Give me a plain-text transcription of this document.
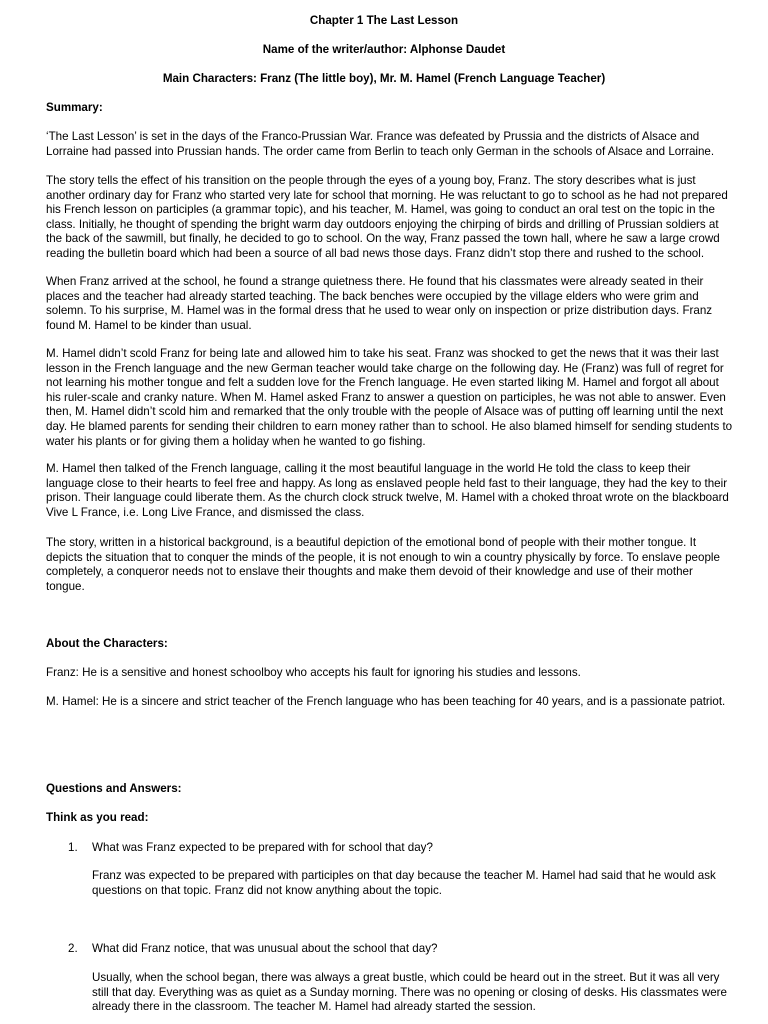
Chapter 1 The Last Lesson
Name of the writer/author: Alphonse Daudet
Main Characters: Franz (The little boy), Mr. M. Hamel (French Language Teacher)
Summary:
‘The Last Lesson’ is set in the days of the Franco-Prussian War. France was defeated by Prussia and the districts of Alsace and Lorraine had passed into Prussian hands. The order came from Berlin to teach only German in the schools of Alsace and Lorraine.
The story tells the effect of his transition on the people through the eyes of a young boy, Franz. The story describes what is just another ordinary day for Franz who started very late for school that morning. He was reluctant to go to school as he had not prepared his French lesson on participles (a grammar topic), and his teacher, M. Hamel, was going to conduct an oral test on the topic in the class. Initially, he thought of spending the bright warm day outdoors enjoying the chirping of birds and drilling of Prussian soldiers at the back of the sawmill, but finally, he decided to go to school. On the way, Franz passed the town hall, where he saw a large crowd reading the bulletin board which had been a source of all bad news those days. Franz didn’t stop there and rushed to the school.
When Franz arrived at the school, he found a strange quietness there. He found that his classmates were already seated in their places and the teacher had already started teaching. The back benches were occupied by the village elders who were grim and solemn. To his surprise, M. Hamel was in the formal dress that he used to wear only on inspection or prize distribution days. Franz found M. Hamel to be kinder than usual.
M. Hamel didn’t scold Franz for being late and allowed him to take his seat. Franz was shocked to get the news that it was their last lesson in the French language and the new German teacher would take charge on the following day. He (Franz) was full of regret for not learning his mother tongue and felt a sudden love for the French language. He even started liking M. Hamel and forgot all about his ruler-scale and cranky nature. When M. Hamel asked Franz to answer a question on participles, he was not able to answer. Even then, M. Hamel didn’t scold him and remarked that the only trouble with the people of Alsace was of putting off learning until the next day. He blamed parents for sending their children to earn money rather than to school. He also blamed himself for sending students to water his plants or for giving them a holiday when he wanted to go fishing.
M. Hamel then talked of the French language, calling it the most beautiful language in the world He told the class to keep their language close to their hearts to feel free and happy. As long as enslaved people held fast to their language, they had the key to their prison. Their language could liberate them. As the church clock struck twelve, M. Hamel with a choked throat wrote on the blackboard Vive L France, i.e. Long Live France, and dismissed the class.
The story, written in a historical background, is a beautiful depiction of the emotional bond of people with their mother tongue. It depicts the situation that to conquer the minds of the people, it is not enough to win a country physically by force. To enslave people completely, a conqueror needs not to enslave their thoughts and make them devoid of their knowledge and use of their mother tongue.
About the Characters:
Franz: He is a sensitive and honest schoolboy who accepts his fault for ignoring his studies and lessons.
M. Hamel: He is a sincere and strict teacher of the French language who has been teaching for 40 years, and is a passionate patriot.
Questions and Answers:
Think as you read:
1. What was Franz expected to be prepared with for school that day?
Franz was expected to be prepared with participles on that day because the teacher M. Hamel had said that he would ask questions on that topic. Franz did not know anything about the topic.
2. What did Franz notice, that was unusual about the school that day?
Usually, when the school began, there was always a great bustle, which could be heard out in the street. But it was all very still that day. Everything was as quiet as a Sunday morning. There was no opening or closing of desks. His classmates were already there in the classroom. The teacher M. Hamel had already started the session.
